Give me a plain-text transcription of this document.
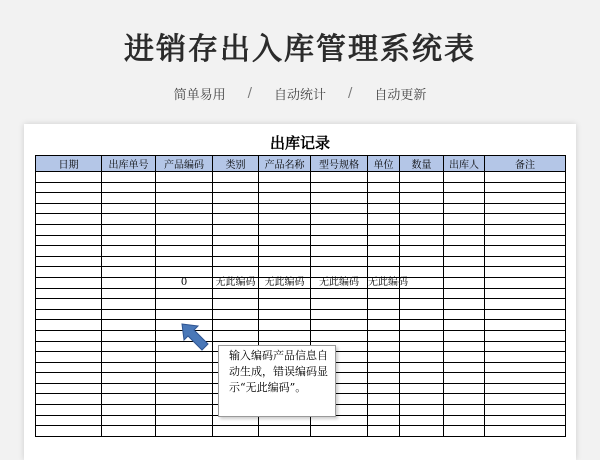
进销存出入库管理系统表
简单易用 / 自动统计 / 自动更新
出库记录
日期	出库单号	产品编码	类别	产品名称	型号规格	单位	数量	出库人	备注

		0	无此编码	无此编码	无此编码	无此编码			

输入编码产品信息自动生成，错误编码显示“无此编码”。
